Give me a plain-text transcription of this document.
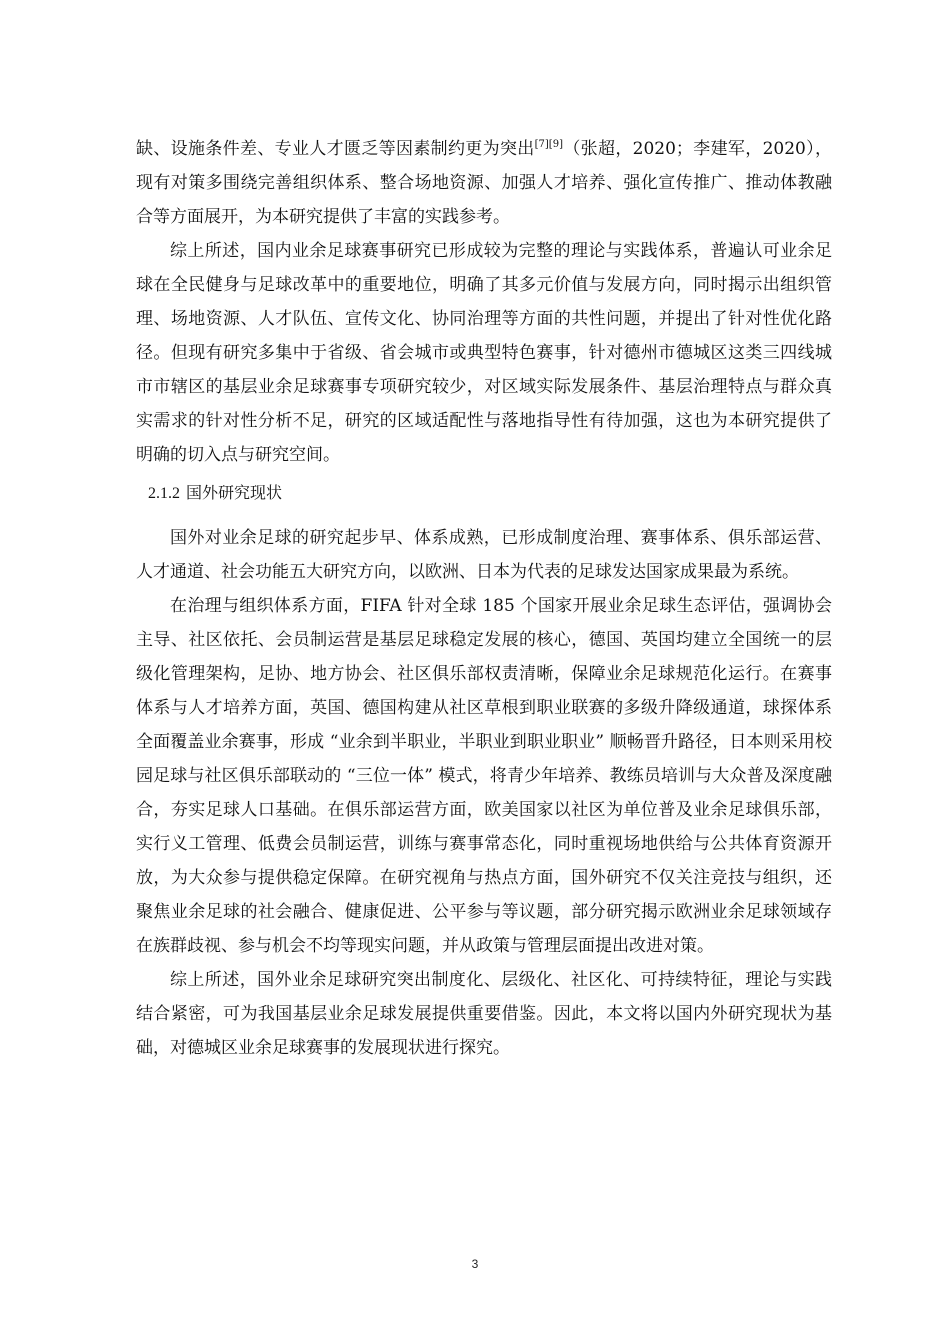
缺、设施条件差、专业人才匮乏等因素制约更为突出[7][9]（张超，2020；李建军，2020），现有对策多围绕完善组织体系、整合场地资源、加强人才培养、强化宣传推广、推动体教融合等方面展开，为本研究提供了丰富的实践参考。

综上所述，国内业余足球赛事研究已形成较为完整的理论与实践体系，普遍认可业余足球在全民健身与足球改革中的重要地位，明确了其多元价值与发展方向，同时揭示出组织管理、场地资源、人才队伍、宣传文化、协同治理等方面的共性问题，并提出了针对性优化路径。但现有研究多集中于省级、省会城市或典型特色赛事，针对德州市德城区这类三四线城市市辖区的基层业余足球赛事专项研究较少，对区域实际发展条件、基层治理特点与群众真实需求的针对性分析不足，研究的区域适配性与落地指导性有待加强，这也为本研究提供了明确的切入点与研究空间。

2.1.2 国外研究现状

国外对业余足球的研究起步早、体系成熟，已形成制度治理、赛事体系、俱乐部运营、人才通道、社会功能五大研究方向，以欧洲、日本为代表的足球发达国家成果最为系统。

在治理与组织体系方面，FIFA 针对全球 185 个国家开展业余足球生态评估，强调协会主导、社区依托、会员制运营是基层足球稳定发展的核心，德国、英国均建立全国统一的层级化管理架构，足协、地方协会、社区俱乐部权责清晰，保障业余足球规范化运行。在赛事体系与人才培养方面，英国、德国构建从社区草根到职业联赛的多级升降级通道，球探体系全面覆盖业余赛事，形成 “业余到半职业，半职业到职业职业” 顺畅晋升路径，日本则采用校园足球与社区俱乐部联动的 “三位一体” 模式，将青少年培养、教练员培训与大众普及深度融合，夯实足球人口基础。在俱乐部运营方面，欧美国家以社区为单位普及业余足球俱乐部，实行义工管理、低费会员制运营，训练与赛事常态化，同时重视场地供给与公共体育资源开放，为大众参与提供稳定保障。在研究视角与热点方面，国外研究不仅关注竞技与组织，还聚焦业余足球的社会融合、健康促进、公平参与等议题，部分研究揭示欧洲业余足球领域存在族群歧视、参与机会不均等现实问题，并从政策与管理层面提出改进对策。

综上所述，国外业余足球研究突出制度化、层级化、社区化、可持续特征，理论与实践结合紧密，可为我国基层业余足球发展提供重要借鉴。因此，本文将以国内外研究现状为基础，对德城区业余足球赛事的发展现状进行探究。

3
